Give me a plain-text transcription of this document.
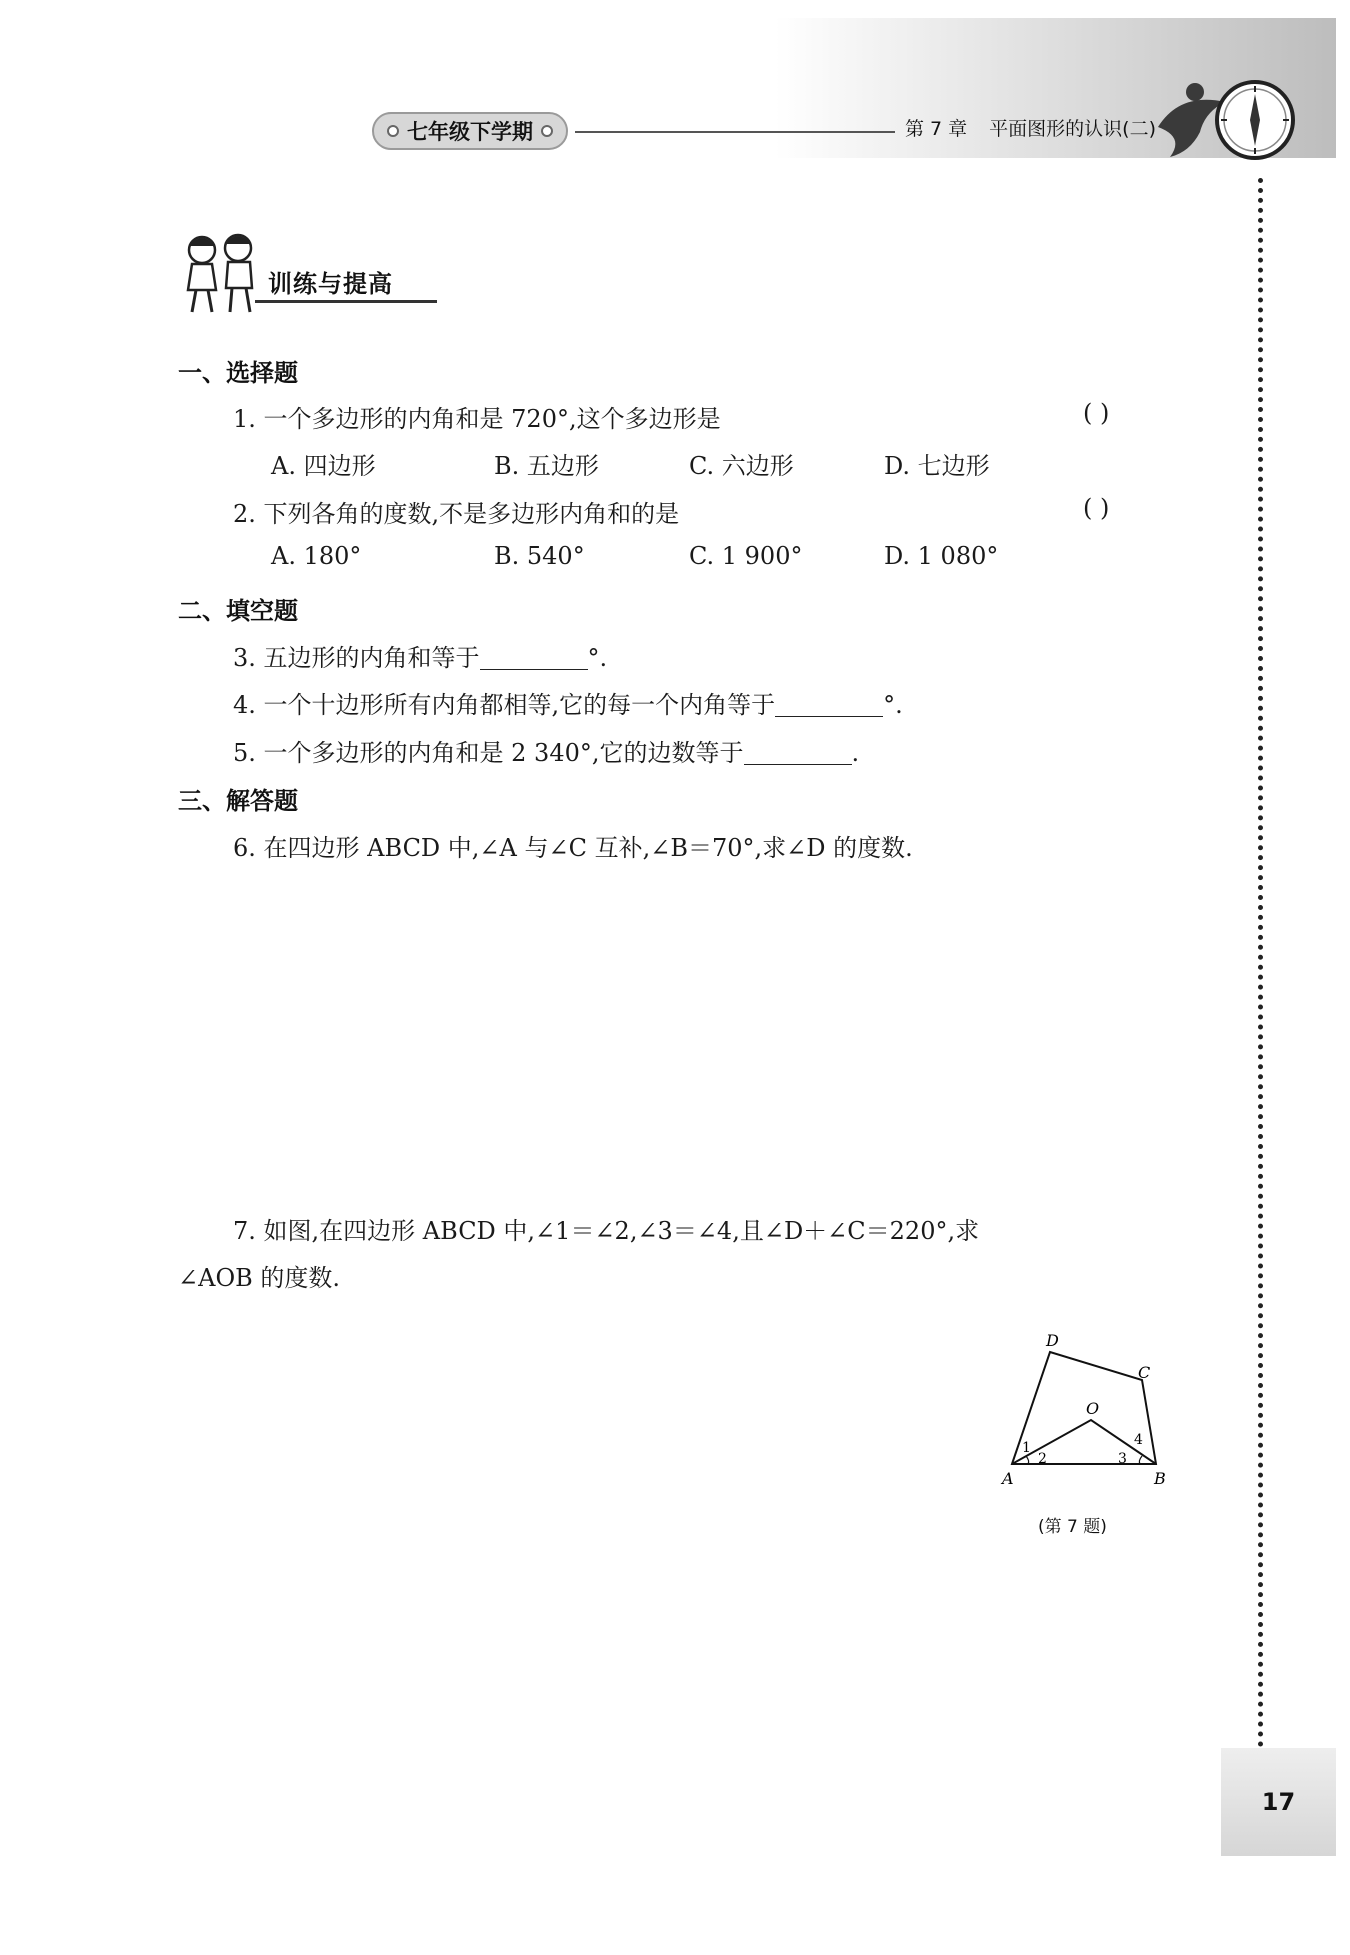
七年级下学期	第 7 章 平面图形的认识(二)
训练与提高
一、选择题
1. 一个多边形的内角和是 720°,这个多边形是	( )
A. 四边形	B. 五边形	C. 六边形	D. 七边形
2. 下列各角的度数,不是多边形内角和的是	( )
A. 180°	B. 540°	C. 1 900°	D. 1 080°
二、填空题
3. 五边形的内角和等于	°.
4. 一个十边形所有内角都相等,它的每一个内角等于	°.
5. 一个多边形的内角和是 2 340°,它的边数等于	.
三、解答题
6. 在四边形 ABCD 中,∠A 与∠C 互补,∠B＝70°,求∠D 的度数.
7. 如图,在四边形 ABCD 中,∠1＝∠2,∠3＝∠4,且∠D＋∠C＝220°,求
∠AOB 的度数.
A	B
C
D
O
1
2	3
4
(第 7 题)
17
